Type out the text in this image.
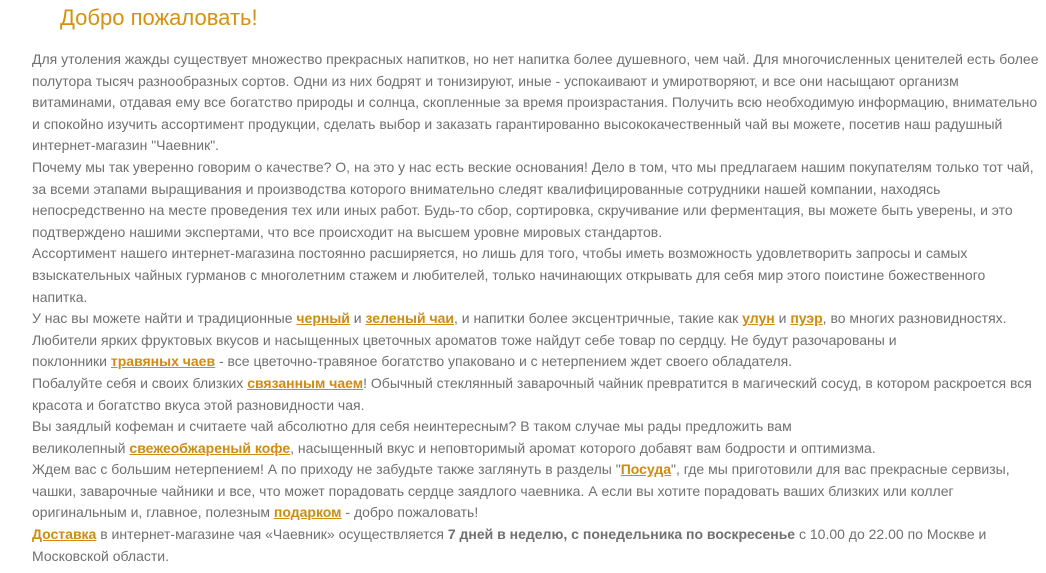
Добро пожаловать!

Для утоления жажды существует множество прекрасных напитков, но нет напитка более душевного, чем чай. Для многочисленных ценителей есть более полутора тысяч разнообразных сортов. Одни из них бодрят и тонизируют, иные - успокаивают и умиротворяют, и все они насыщают организм витаминами, отдавая ему все богатство природы и солнца, скопленные за время произрастания. Получить всю необходимую информацию, внимательно и спокойно изучить ассортимент продукции, сделать выбор и заказать гарантированно высококачественный чай вы можете, посетив наш радушный интернет-магазин "Чаевник".

Почему мы так уверенно говорим о качестве? О, на это у нас есть веские основания! Дело в том, что мы предлагаем нашим покупателям только тот чай, за всеми этапами выращивания и производства которого внимательно следят квалифицированные сотрудники нашей компании, находясь непосредственно на месте проведения тех или иных работ. Будь-то сбор, сортировка, скручивание или ферментация, вы можете быть уверены, и это подтверждено нашими экспертами, что все происходит на высшем уровне мировых стандартов.

Ассортимент нашего интернет-магазина постоянно расширяется, но лишь для того, чтобы иметь возможность удовлетворить запросы и самых взыскательных чайных гурманов с многолетним стажем и любителей, только начинающих открывать для себя мир этого поистине божественного напитка.

У нас вы можете найти и традиционные черный и зеленый чаи, и напитки более эксцентричные, такие как улун и пуэр, во многих разновидностях.

Любители ярких фруктовых вкусов и насыщенных цветочных ароматов тоже найдут себе товар по сердцу. Не будут разочарованы и

поклонники травяных чаев - все цветочно-травяное богатство упаковано и с нетерпением ждет своего обладателя.

Побалуйте себя и своих близких связанным чаем! Обычный стеклянный заварочный чайник превратится в магический сосуд, в котором раскроется вся красота и богатство вкуса этой разновидности чая.

Вы заядлый кофеман и считаете чай абсолютно для себя неинтересным? В таком случае мы рады предложить вам

великолепный свежеобжареный кофе, насыщенный вкус и неповторимый аромат которого добавят вам бодрости и оптимизма.

Ждем вас с большим нетерпением! А по приходу не забудьте также заглянуть в разделы "Посуда", где мы приготовили для вас прекрасные сервизы, чашки, заварочные чайники и все, что может порадовать сердце заядлого чаевника. А если вы хотите порадовать ваших близких или коллег оригинальным и, главное, полезным подарком - добро пожаловать!

Доставка в интернет-магазине чая «Чаевник» осуществляется 7 дней в неделю, с понедельника по воскресенье с 10.00 до 22.00 по Москве и Московской области.
